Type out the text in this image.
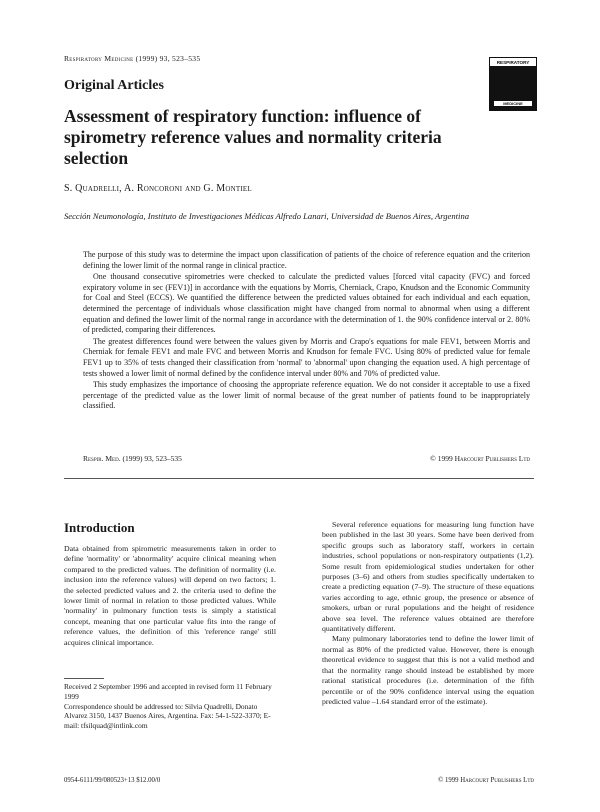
Respiratory Medicine (1999) 93, 523–535	RESPIRATORY
MEDICINE
Original Articles
Assessment of respiratory function: influence of spirometry reference values and normality criteria selection
S. Quadrelli, A. Roncoroni and G. Montiel
Sección Neumonología, Instituto de Investigaciones Médicas Alfredo Lanari, Universidad de Buenos Aires, Argentina

The purpose of this study was to determine the impact upon classification of patients of the choice of reference equation and the criterion defining the lower limit of the normal range in clinical practice.

One thousand consecutive spirometries were checked to calculate the predicted values [forced vital capacity (FVC) and forced expiratory volume in sec (FEV1)] in accordance with the equations by Morris, Cherniack, Crapo, Knudson and the Economic Community for Coal and Steel (ECCS). We quantified the difference between the predicted values obtained for each individual and each equation, determined the percentage of individuals whose classification might have changed from normal to abnormal when using a different equation and defined the lower limit of the normal range in accordance with the determination of 1. the 90% confidence interval or 2. 80% of predicted, comparing their differences.

The greatest differences found were between the values given by Morris and Crapo's equations for male FEV1, between Morris and Cherniak for female FEV1 and male FVC and between Morris and Knudson for female FVC. Using 80% of predicted value for female FEV1 up to 35% of tests changed their classification from 'normal' to 'abnormal' upon changing the equation used. A high percentage of tests showed a lower limit of normal defined by the confidence interval under 80% and 70% of predicted value.

This study emphasizes the importance of choosing the appropriate reference equation. We do not consider it acceptable to use a fixed percentage of the predicted value as the lower limit of normal because of the great number of patients found to be inappropriately classified.

Respir. Med. (1999) 93, 523–535	© 1999 Harcourt Publishers Ltd
Introduction

Data obtained from spirometric measurements taken in order to define 'normality' or 'abnormality' acquire clinical meaning when compared to the predicted values. The definition of normality (i.e. inclusion into the reference values) will depend on two factors; 1. the selected predicted values and 2. the criteria used to define the lower limit of normal in relation to those predicted values. While 'normality' in pulmonary function tests is simply a statistical concept, meaning that one particular value fits into the range of reference values, the definition of this 'reference range' still acquires clinical importance.

Several reference equations for measuring lung function have been published in the last 30 years. Some have been derived from specific groups such as laboratory staff, workers in certain industries, school populations or non-respiratory outpatients (1,2). Some result from epidemiological studies undertaken for other purposes (3–6) and others from studies specifically undertaken to create a predicting equation (7–9). The structure of these equations varies according to age, ethnic group, the presence or absence of smokers, urban or rural populations and the height of residence above sea level. The reference values obtained are therefore quantitatively different.

Many pulmonary laboratories tend to define the lower limit of normal as 80% of the predicted value. However, there is enough theoretical evidence to suggest that this is not a valid method and that the normality range should instead be established by more rational statistical procedures (i.e. determination of the fifth percentile or of the 90% confidence interval using the equation predicted value –1.64 standard error of the estimate).

Received 2 September 1996 and accepted in revised form 11 February 1999

Correspondence should be addressed to: Silvia Quadrelli, Donato Alvarez 3150, 1437 Buenos Aires, Argentina. Fax: 54-1-522-3370; E-mail: tfsilquad@intlink.com

0954-6111/99/080523+13 $12.00/0	© 1999 Harcourt Publishers Ltd
